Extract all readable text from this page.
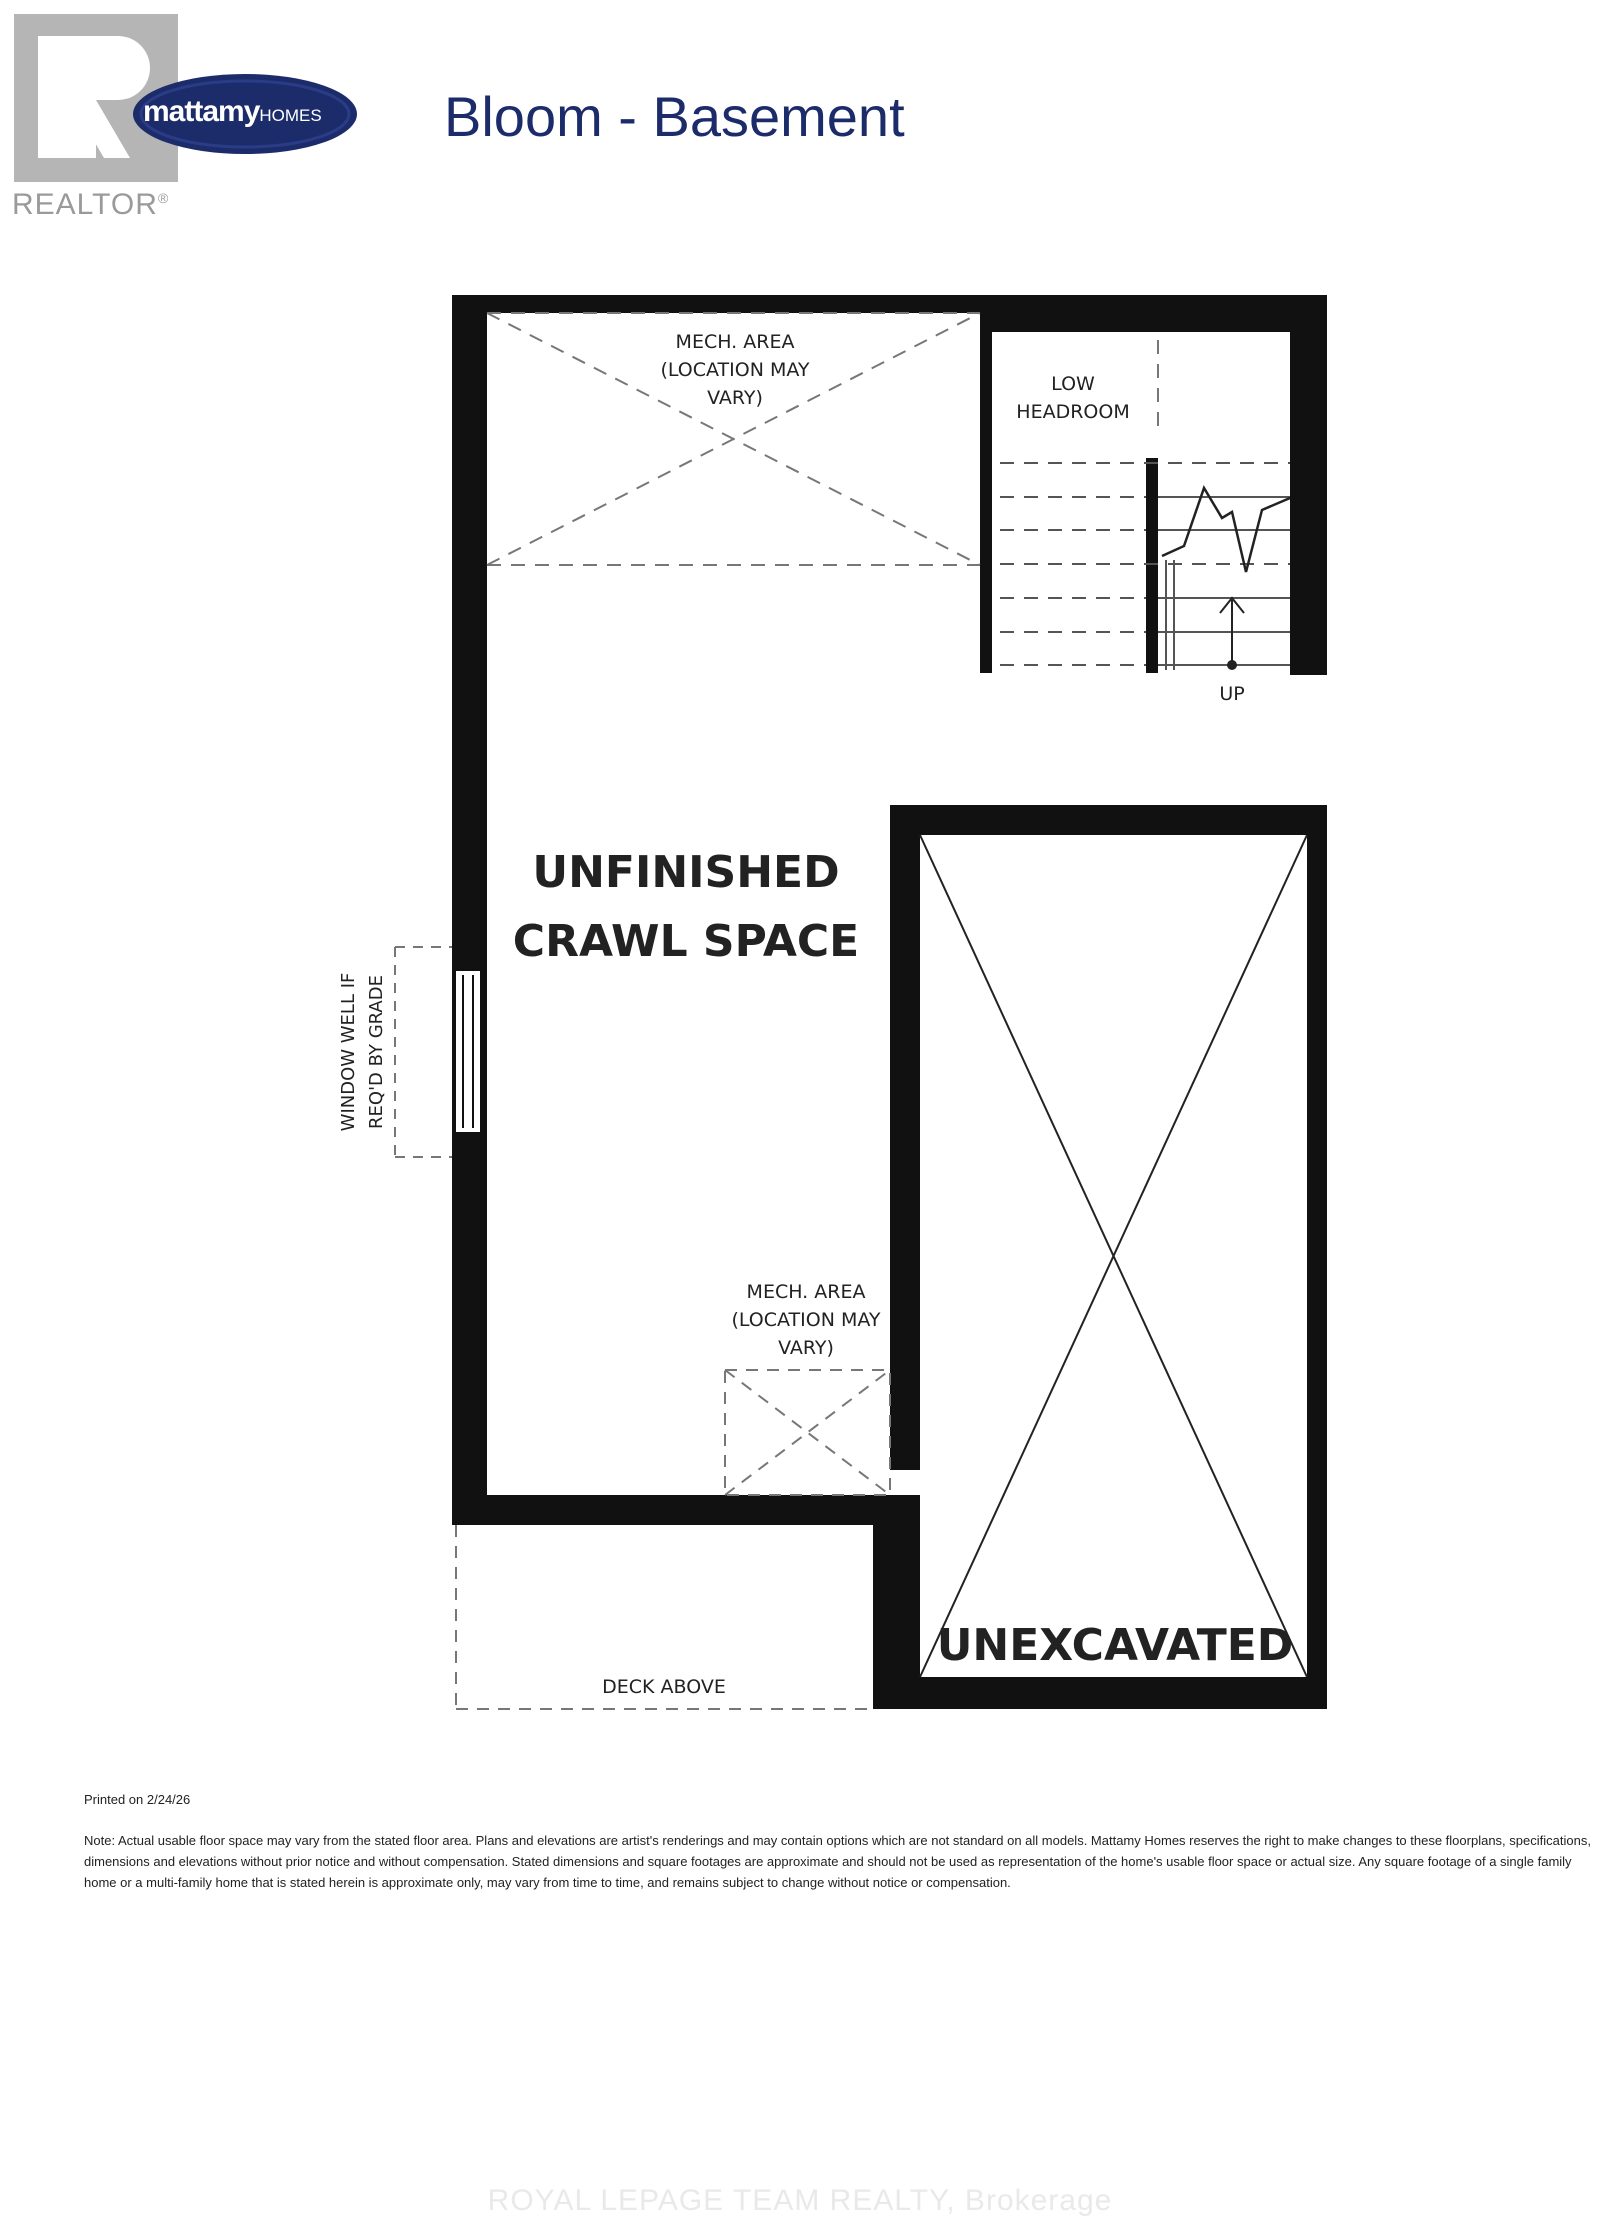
REALTOR®
mattamyHOMES Bloom - Basement
MECH. AREA
(LOCATION MAY
VARY)
LOW
HEADROOM
UP
UNFINISHED
CRAWL SPACE
WINDOW WELL IF REQ'D BY GRADE
MECH. AREA
(LOCATION MAY
VARY)
UNEXCAVATED
DECK ABOVE
Printed on 2/24/26
Note: Actual usable floor space may vary from the stated floor area. Plans and elevations are artist's renderings and may contain options which are not standard on all models. Mattamy Homes reserves the right to make changes to these floorplans, specifications, dimensions and elevations without prior notice and without compensation. Stated dimensions and square footages are approximate and should not be used as representation of the home's usable floor space or actual size. Any square footage of a single family home or a multi-family home that is stated herein is approximate only, may vary from time to time, and remains subject to change without notice or compensation.
ROYAL LEPAGE TEAM REALTY, Brokerage
